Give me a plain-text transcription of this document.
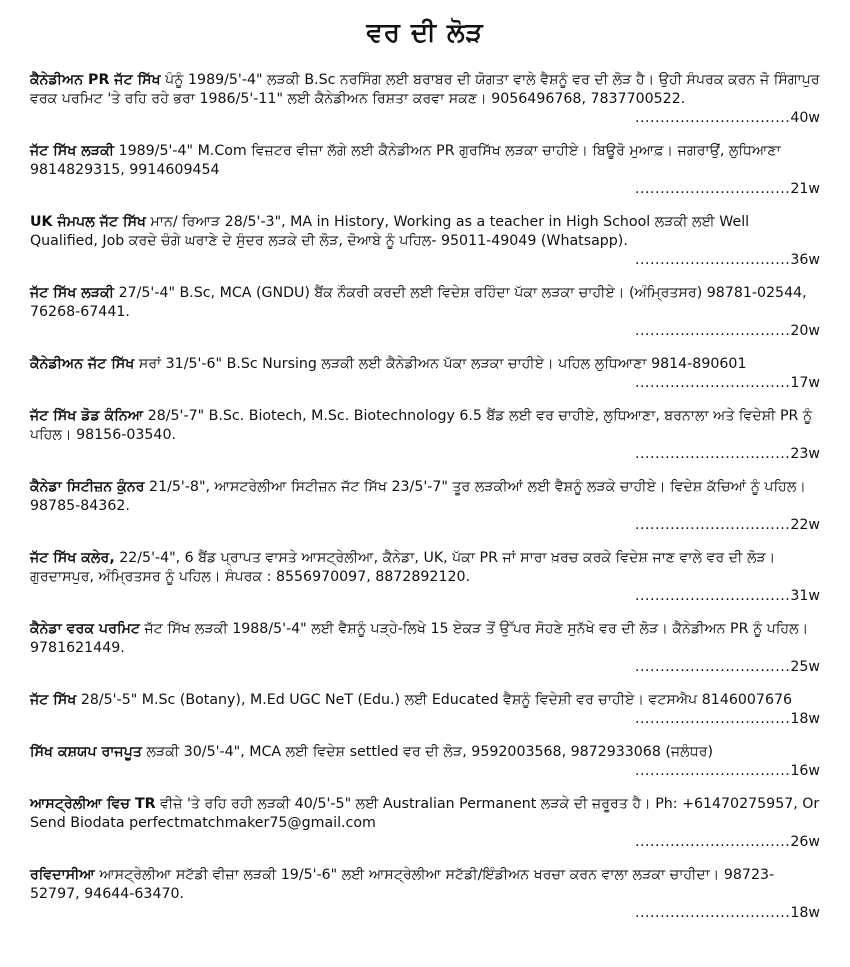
ਵਰ ਦੀ ਲੋੜ
ਕੈਨੇਡੀਅਨ PR ਜੱਟ ਸਿੱਖ ਪੰਨੂੰ 1989/5'-4" ਲੜਕੀ B.Sc ਨਰਸਿੰਗ ਲਈ ਬਰਾਬਰ ਦੀ ਯੋਗਤਾ ਵਾਲੇ ਵੈਸ਼ਨੂੰ ਵਰ ਦੀ ਲੋੜ ਹੈ। ਉਹੀ ਸੰਪਰਕ ਕਰਨ ਜੋ ਸਿੰਗਾਪੁਰ ਵਰਕ ਪਰਮਿਟ 'ਤੇ ਰਹਿ ਰਹੇ ਭਰਾ 1986/5'-11" ਲਈ ਕੈਨੇਡੀਅਨ ਰਿਸ਼ਤਾ ਕਰਵਾ ਸਕਣ। 9056496768, 7837700522.
...............................40w
ਜੱਟ ਸਿੱਖ ਲੜਕੀ 1989/5'-4" M.Com ਵਿਜ਼ਟਰ ਵੀਜ਼ਾ ਲੱਗੇ ਲਈ ਕੈਨੇਡੀਅਨ PR ਗੁਰਸਿੱਖ ਲੜਕਾ ਚਾਹੀਏ। ਬਿਊਰੋ ਮੁਆਫ਼। ਜਗਰਾਉਂ, ਲੁਧਿਆਣਾ 9814829315, 9914609454
...............................21w
UK ਜੰਮਪਲ ਜੱਟ ਸਿੱਖ ਮਾਨ/ ਰਿਆੜ 28/5'-3", MA in History, Working as a teacher in High School ਲੜਕੀ ਲਈ Well Qualified, Job ਕਰਦੇ ਚੰਗੇ ਘਰਾਣੇ ਦੇ ਸੁੰਦਰ ਲੜਕੇ ਦੀ ਲੋੜ, ਦੋਆਬੇ ਨੂੰ ਪਹਿਲ- 95011-49049 (Whatsapp).
...............................36w
ਜੱਟ ਸਿੱਖ ਲੜਕੀ 27/5'-4" B.Sc, MCA (GNDU) ਬੈਂਕ ਨੌਕਰੀ ਕਰਦੀ ਲਈ ਵਿਦੇਸ਼ ਰਹਿੰਦਾ ਪੱਕਾ ਲੜਕਾ ਚਾਹੀਏ। (ਅੰਮ੍ਰਿਤਸਰ) 98781-02544, 76268-67441.
...............................20w
ਕੈਨੇਡੀਅਨ ਜੱਟ ਸਿੱਖ ਸਰਾਂ 31/5'-6" B.Sc Nursing ਲੜਕੀ ਲਈ ਕੈਨੇਡੀਅਨ ਪੱਕਾ ਲੜਕਾ ਚਾਹੀਏ। ਪਹਿਲ ਲੁਧਿਆਣਾ 9814-890601
...............................17w
ਜੱਟ ਸਿੱਖ ਡੋਡ ਕੰਨਿਆ 28/5'-7" B.Sc. Biotech, M.Sc. Biotechnology 6.5 ਬੈਂਡ ਲਈ ਵਰ ਚਾਹੀਏ, ਲੁਧਿਆਣਾ, ਬਰਨਾਲਾ ਅਤੇ ਵਿਦੇਸ਼ੀ PR ਨੂੰ ਪਹਿਲ। 98156-03540.
...............................23w
ਕੈਨੇਡਾ ਸਿਟੀਜ਼ਨ ਕੁੰਨਰ 21/5'-8", ਆਸਟਰੇਲੀਆ ਸਿਟੀਜ਼ਨ ਜੱਟ ਸਿੱਖ 23/5'-7" ਤੂਰ ਲੜਕੀਆਂ ਲਈ ਵੈਸ਼ਨੂੰ ਲੜਕੇ ਚਾਹੀਏ। ਵਿਦੇਸ਼ ਕੱਚਿਆਂ ਨੂੰ ਪਹਿਲ। 98785-84362.
...............................22w
ਜੱਟ ਸਿੱਖ ਕਲੇਰ, 22/5'-4", 6 ਬੈਂਡ ਪ੍ਰਾਪਤ ਵਾਸਤੇ ਆਸਟ੍ਰੇਲੀਆ, ਕੈਨੇਡਾ, UK, ਪੱਕਾ PR ਜਾਂ ਸਾਰਾ ਖ਼ਰਚ ਕਰਕੇ ਵਿਦੇਸ਼ ਜਾਣ ਵਾਲੇ ਵਰ ਦੀ ਲੋੜ। ਗੁਰਦਾਸਪੁਰ, ਅੰਮ੍ਰਿਤਸਰ ਨੂੰ ਪਹਿਲ। ਸੰਪਰਕ : 8556970097, 8872892120.
...............................31w
ਕੈਨੇਡਾ ਵਰਕ ਪਰਮਿਟ ਜੱਟ ਸਿੱਖ ਲੜਕੀ 1988/5'-4" ਲਈ ਵੈਸ਼ਨੂੰ ਪੜ੍ਹੇ-ਲਿਖੇ 15 ਏਕੜ ਤੋਂ ਉੱਪਰ ਸੋਹਣੇ ਸੁਨੱਖੇ ਵਰ ਦੀ ਲੋੜ। ਕੈਨੇਡੀਅਨ PR ਨੂੰ ਪਹਿਲ। 9781621449.
...............................25w
ਜੱਟ ਸਿੱਖ 28/5'-5" M.Sc (Botany), M.Ed UGC NeT (Edu.) ਲਈ Educated ਵੈਸ਼ਨੂੰ ਵਿਦੇਸ਼ੀ ਵਰ ਚਾਹੀਏ। ਵਟਸਐਪ 8146007676
...............................18w
ਸਿੱਖ ਕਸ਼ਯਪ ਰਾਜਪੂਤ ਲੜਕੀ 30/5'-4", MCA ਲਈ ਵਿਦੇਸ਼ settled ਵਰ ਦੀ ਲੋੜ, 9592003568, 9872933068 (ਜਲੰਧਰ)
...............................16w
ਆਸਟ੍ਰੇਲੀਆ ਵਿਚ TR ਵੀਜ਼ੇ 'ਤੇ ਰਹਿ ਰਹੀ ਲੜਕੀ 40/5'-5" ਲਈ Australian Permanent ਲੜਕੇ ਦੀ ਜ਼ਰੂਰਤ ਹੈ। Ph: +61470275957, Or Send Biodata perfectmatchmaker75@gmail.com
...............................26w
ਰਵਿਦਾਸੀਆ ਆਸਟ੍ਰੇਲੀਆ ਸਟੱਡੀ ਵੀਜ਼ਾ ਲੜਕੀ 19/5'-6" ਲਈ ਆਸਟ੍ਰੇਲੀਆ ਸਟੱਡੀ/ਇੰਡੀਅਨ ਖਰਚਾ ਕਰਨ ਵਾਲਾ ਲੜਕਾ ਚਾਹੀਦਾ। 98723-52797, 94644-63470.
...............................18w
